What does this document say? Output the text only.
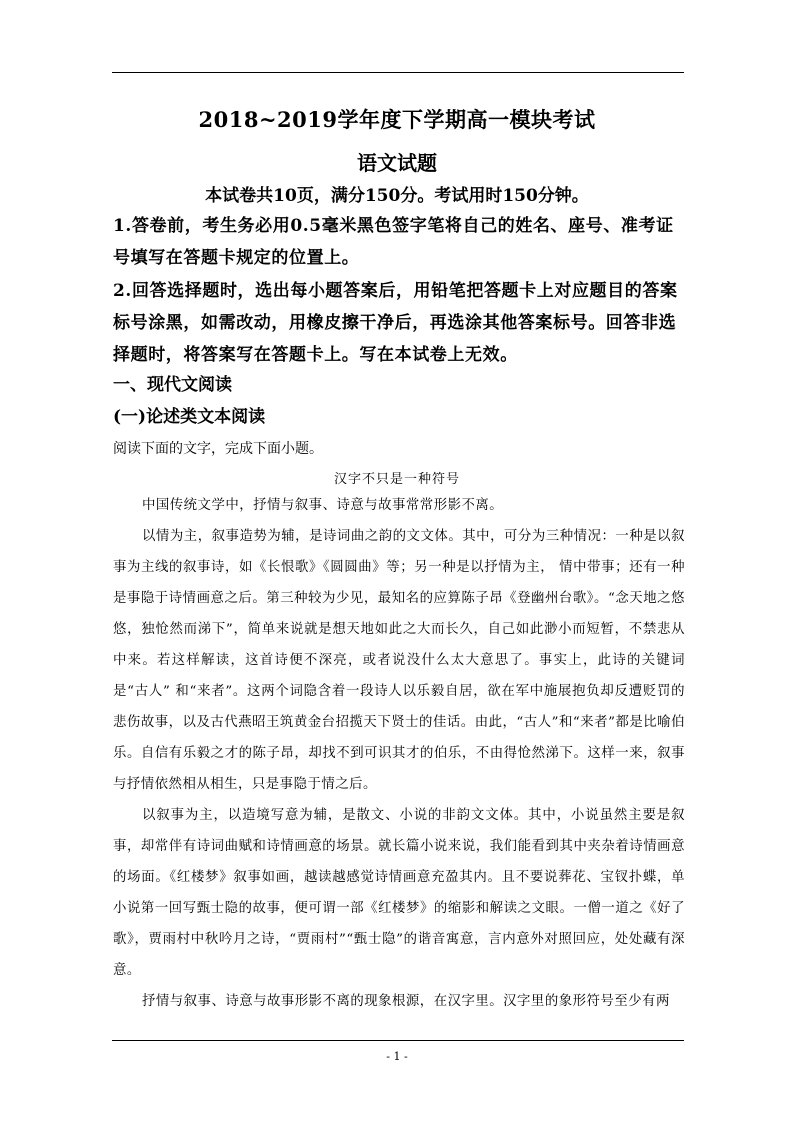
2018~2019学年度下学期高一模块考试
语文试题
本试卷共10页，满分150分。考试用时150分钟。
1.答卷前，考生务必用0.5毫米黑色签字笔将自己的姓名、座号、准考证号填写在答题卡规定的位置上。
2.回答选择题时，选出每小题答案后，用铅笔把答题卡上对应题目的答案标号涂黑，如需改动，用橡皮擦干净后，再选涂其他答案标号。回答非选择题时，将答案写在答题卡上。写在本试卷上无效。
一、现代文阅读
(一)论述类文本阅读
阅读下面的文字，完成下面小题。
汉字不只是一种符号
中国传统文学中，抒情与叙事、诗意与故事常常形影不离。
以情为主，叙事造势为辅，是诗词曲之韵的文文体。其中，可分为三种情况：一种是以叙事为主线的叙事诗，如《长恨歌》《圆圆曲》等；另一种是以抒情为主， 情中带事；还有一种是事隐于诗情画意之后。第三种较为少见，最知名的应算陈子昂《登幽州台歌》。“念天地之悠悠，独怆然而涕下”，简单来说就是想天地如此之大而长久，自己如此渺小而短暂，不禁悲从中来。若这样解读，这首诗便不深亮，或者说没什么太大意思了。事实上，此诗的关键词是“古人” 和“来者”。这两个词隐含着一段诗人以乐毅自居，欲在军中施展抱负却反遭贬罚的悲伤故事，以及古代燕昭王筑黄金台招揽天下贤士的佳话。由此，“古人”和“来者”都是比喻伯乐。自信有乐毅之才的陈子昂，却找不到可识其才的伯乐，不由得怆然涕下。这样一来，叙事与抒情依然相从相生，只是事隐于情之后。
以叙事为主，以造境写意为辅，是散文、小说的非韵文文体。其中，小说虽然主要是叙事，却常伴有诗词曲赋和诗情画意的场景。就长篇小说来说，我们能看到其中夹杂着诗情画意的场面。《红楼梦》叙事如画，越读越感觉诗情画意充盈其内。且不要说葬花、宝钗扑蝶，单小说第一回写甄士隐的故事，便可谓一部《红楼梦》的缩影和解读之文眼。一僧一道之《好了歌》，贾雨村中秋吟月之诗，“贾雨村”“甄士隐”的谐音寓意，言内意外对照回应，处处藏有深意。
抒情与叙事、诗意与故事形影不离的现象根源，在汉字里。汉字里的象形符号至少有两
- 1 -
